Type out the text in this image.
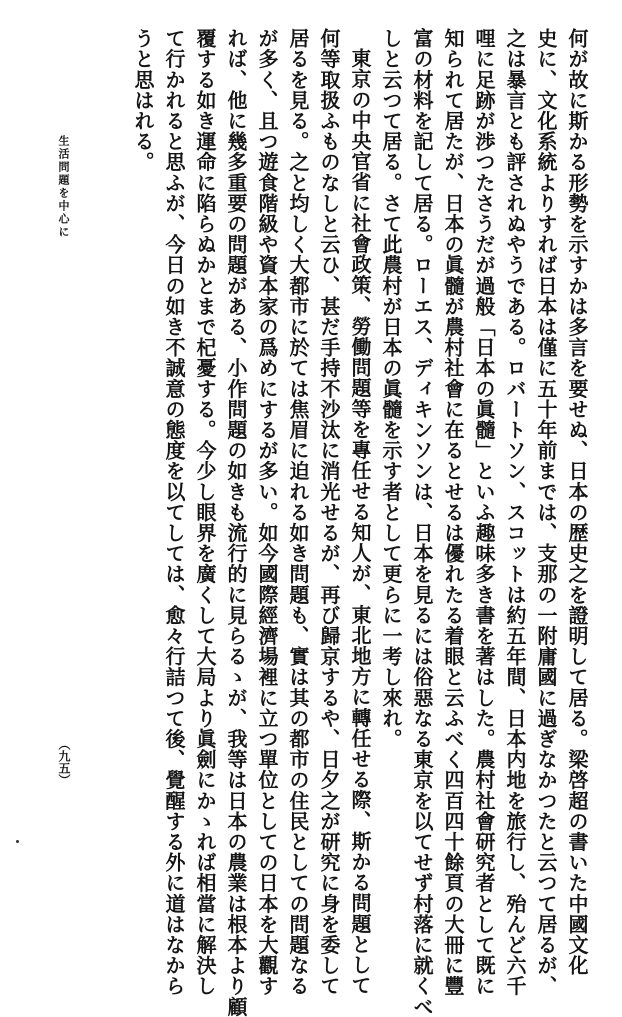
何が故に斯かる形勢を示すかは多言を要せぬ、日本の歴史之を證明して居る。梁啓超の書いた中國文化
史に、文化系統よりすれば日本は僅に五十年前までは、支那の一附庸國に過ぎなかつたと云つて居るが、
之は暴言とも評されぬやうである。ロバートソン、スコットは約五年間、日本内地を旅行し、殆んど六千
哩に足跡が渉つたさうだが過般「日本の眞髓」といふ趣味多き書を著はした。農村社會研究者として既に
知られて居たが、日本の眞髓が農村社會に在るとせるは優れたる着眼と云ふべく四百四十餘頁の大冊に豐
富の材料を記して居る。ローエス、ディキンソンは、日本を見るには俗惡なる東京を以てせず村落に就くべ
しと云つて居る。さて此農村が日本の眞髓を示す者として更らに一考し來れ。
東京の中央官省に社會政策、勞働問題等を專任せる知人が、東北地方に轉任せる際、斯かる問題として
何等取扱ふものなしと云ひ、甚だ手持不沙汰に消光せるが、再び歸京するや、日夕之が研究に身を委して
居るを見る。之と均しく大都市に於ては焦眉に迫れる如き問題も、實は其の都市の住民としての問題なる
が多く、且つ遊食階級や資本家の爲めにするが多い。如今國際經濟場裡に立つ單位としての日本を大觀す
れば、他に幾多重要の問題がある、小作問題の如きも流行的に見らるゝが、我等は日本の農業は根本より顧
覆する如き運命に陷らぬかとまで杞憂する。今少し眼界を廣くして大局より眞劍にかゝれば相當に解決し
て行かれると思ふが、今日の如き不誠意の態度を以てしては、愈々行詰つて後、覺醒する外に道はなから
うと思はれる。
生活問題を中心に
（九五）
